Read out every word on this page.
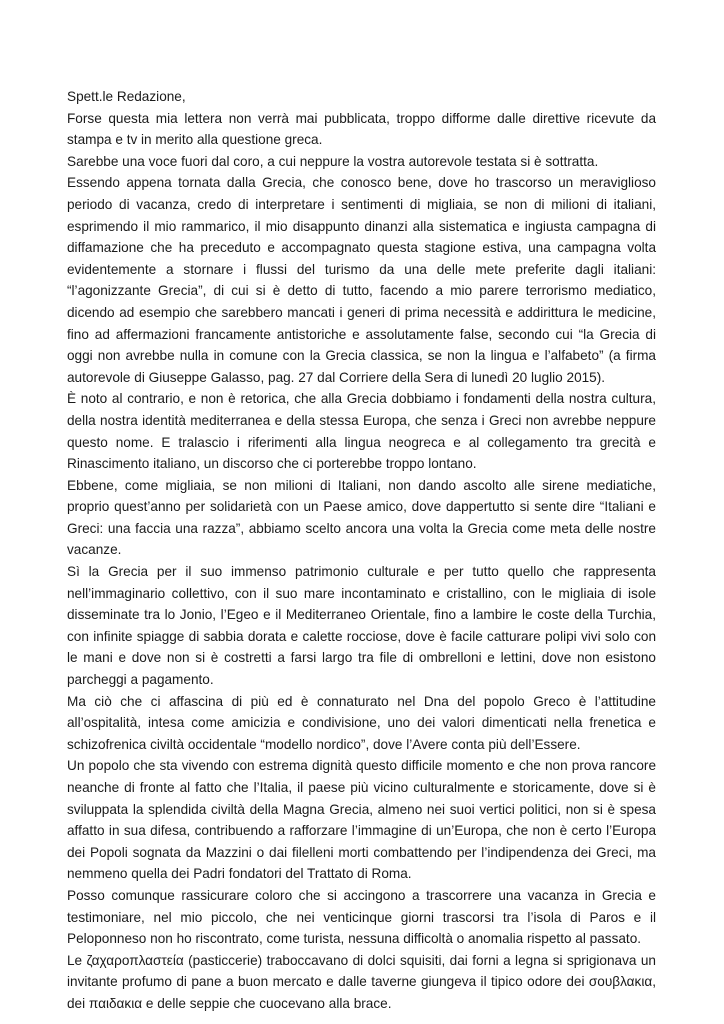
Spett.le Redazione,

Forse questa mia lettera non verrà mai pubblicata, troppo difforme dalle direttive ricevute da stampa e tv in merito alla questione greca.

Sarebbe una voce fuori dal coro, a cui neppure la vostra autorevole testata si è sottratta.

Essendo appena tornata dalla Grecia, che conosco bene, dove ho trascorso un meraviglioso periodo di vacanza, credo di interpretare i sentimenti di migliaia, se non di milioni di italiani, esprimendo il mio rammarico, il mio disappunto dinanzi alla sistematica e ingiusta campagna di diffamazione che ha preceduto e accompagnato questa stagione estiva, una campagna volta evidentemente a stornare i flussi del turismo da una delle mete preferite dagli italiani: “l’agonizzante Grecia”, di cui si è detto di tutto, facendo a mio parere terrorismo mediatico, dicendo ad esempio che sarebbero mancati i generi di prima necessità e addirittura le medicine, fino ad affermazioni francamente antistoriche e assolutamente false, secondo cui “la Grecia di oggi non avrebbe nulla in comune con la Grecia classica, se non la lingua e l’alfabeto” (a firma autorevole di Giuseppe Galasso, pag. 27 dal Corriere della Sera di lunedì 20 luglio 2015).

È noto al contrario, e non è retorica, che alla Grecia dobbiamo i fondamenti della nostra cultura, della nostra identità mediterranea e della stessa Europa, che senza i Greci non avrebbe neppure questo nome. E tralascio i riferimenti alla lingua neogreca e al collegamento tra grecità e Rinascimento italiano, un discorso che ci porterebbe troppo lontano.

Ebbene, come migliaia, se non milioni di Italiani, non dando ascolto alle sirene mediatiche, proprio quest’anno per solidarietà con un Paese amico, dove dappertutto si sente dire “Italiani e Greci: una faccia una razza”, abbiamo scelto ancora una volta la Grecia come meta delle nostre vacanze.

Sì la Grecia per il suo immenso patrimonio culturale e per tutto quello che rappresenta nell’immaginario collettivo, con il suo mare incontaminato e cristallino, con le migliaia di isole disseminate tra lo Jonio, l’Egeo e il Mediterraneo Orientale, fino a lambire le coste della Turchia, con infinite spiagge di sabbia dorata e calette rocciose, dove è facile catturare polipi vivi solo con le mani e dove non si è costretti a farsi largo tra file di ombrelloni e lettini, dove non esistono parcheggi a pagamento.

Ma ciò che ci affascina di più ed è connaturato nel Dna del popolo Greco è l’attitudine all’ospitalità, intesa come amicizia e condivisione, uno dei valori dimenticati nella frenetica e schizofrenica civiltà occidentale “modello nordico”, dove l’Avere conta più dell’Essere.

Un popolo che sta vivendo con estrema dignità questo difficile momento e che non prova rancore neanche di fronte al fatto che l’Italia, il paese più vicino culturalmente e storicamente, dove si è sviluppata la splendida civiltà della Magna Grecia, almeno nei suoi vertici politici, non si è spesa affatto in sua difesa, contribuendo a rafforzare l’immagine di un’Europa, che non è certo l’Europa dei Popoli sognata da Mazzini o dai filelleni morti combattendo per l’indipendenza dei Greci, ma nemmeno quella dei Padri fondatori del Trattato di Roma.

Posso comunque rassicurare coloro che si accingono a trascorrere una vacanza in Grecia e testimoniare, nel mio piccolo, che nei venticinque giorni trascorsi tra l’isola di Paros e il Peloponneso non ho riscontrato, come turista, nessuna difficoltà o anomalia rispetto al passato.

Le ζαχαροπλαστεία (pasticcerie) traboccavano di dolci squisiti, dai forni a legna si sprigionava un invitante profumo di pane a buon mercato e dalle taverne giungeva il tipico odore dei σουβλακια, dei παιδακια e delle seppie che cuocevano alla brace.
